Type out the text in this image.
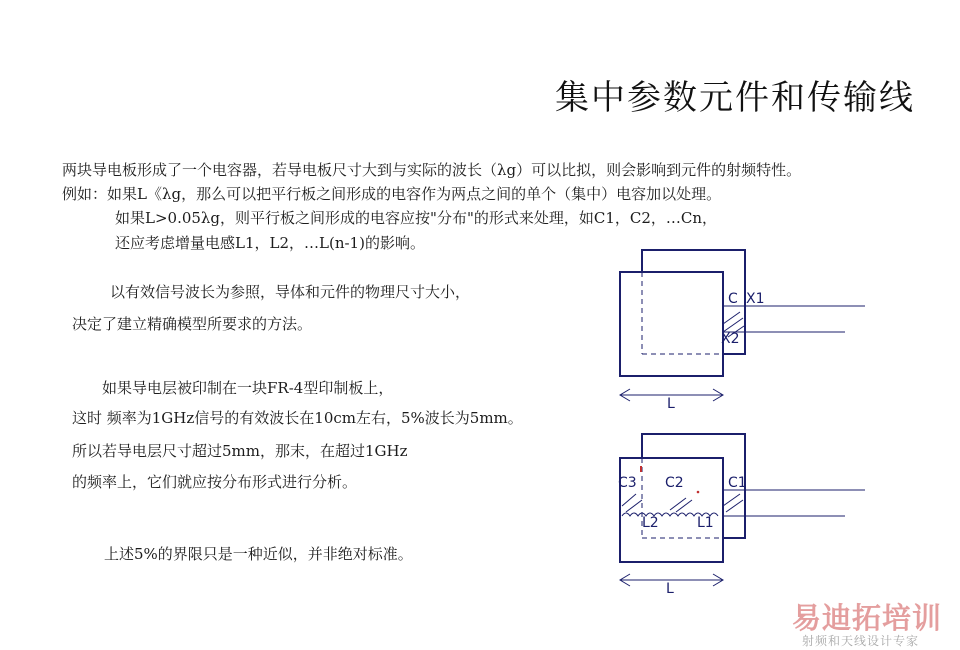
集中参数元件和传输线
两块导电板形成了一个电容器，若导电板尺寸大到与实际的波长（λg）可以比拟，则会影响到元件的射频特性。
例如：如果L《λg，那么可以把平行板之间形成的电容作为两点之间的单个（集中）电容加以处理。
如果L>0.05λg，则平行板之间形成的电容应按"分布"的形式来处理，如C1，C2，…Cn，
还应考虑增量电感L1，L2，…L(n-1)的影响。
以有效信号波长为参照，导体和元件的物理尺寸大小，
决定了建立精确模型所要求的方法。
如果导电层被印制在一块FR-4型印制板上，
这时 频率为1GHz信号的有效波长在10cm左右，5%波长为5mm。
所以若导电层尺寸超过5mm，那末，在超过1GHz
的频率上，它们就应按分布形式进行分析。
上述5%的界限只是一种近似，并非绝对标准。
C X1
X2
L
C1
C2
C3
L1
L2
L
易迪拓培训
射频和天线设计专家
